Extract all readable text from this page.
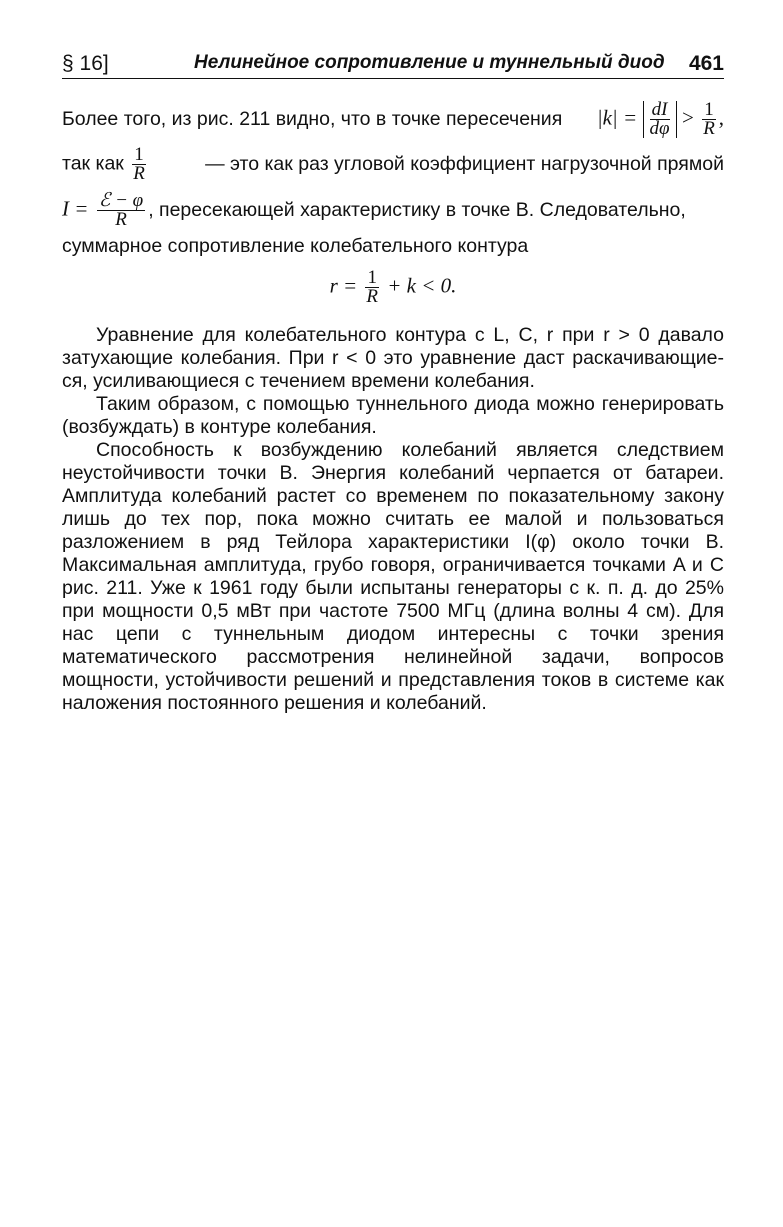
§ 16]	Нелинейное сопротивление и туннельный диод 461
Более того, из рис. 211 видно, что в точке пересечения $|k| = \frac{dI}{d\varphi} > \frac{1}{R}$ ,
так как $\frac{1}{R}$	— это как раз угловой коэффициент нагрузочной прямой
$I = \frac{\text{ℰ − φ}}{R}$ , пересекающей характеристику в точке B. Следовательно,
суммарное сопротивление колебательного контура
$r = \frac{1}{R} + k < 0$.

Уравнение для колебательного контура с L, C, r при r > 0 давало затухающие колебания. При r < 0 это уравнение даст раскачивающие-ся, усиливающиеся с течением времени колебания.

Таким образом, с помощью туннельного диода можно генерировать (возбуждать) в контуре колебания.

Способность к возбуждению колебаний является следствием неустойчивости точки B. Энергия колебаний черпается от батареи. Амплитуда колебаний растет со временем по показательному закону лишь до тех пор, пока можно считать ее малой и пользоваться разложением в ряд Тейлора характеристики I(φ) около точки B. Максимальная амплитуда, грубо говоря, ограничивается точками A и C рис. 211. Уже к 1961 году были испытаны генераторы с к. п. д. до 25% при мощности 0,5 мВт при частоте 7500 МГц (длина волны 4 см). Для нас цепи с туннельным диодом интересны с точки зрения математического рассмотрения нелинейной задачи, вопросов мощности, устойчивости решений и представления токов в системе как наложения постоянного решения и колебаний.
